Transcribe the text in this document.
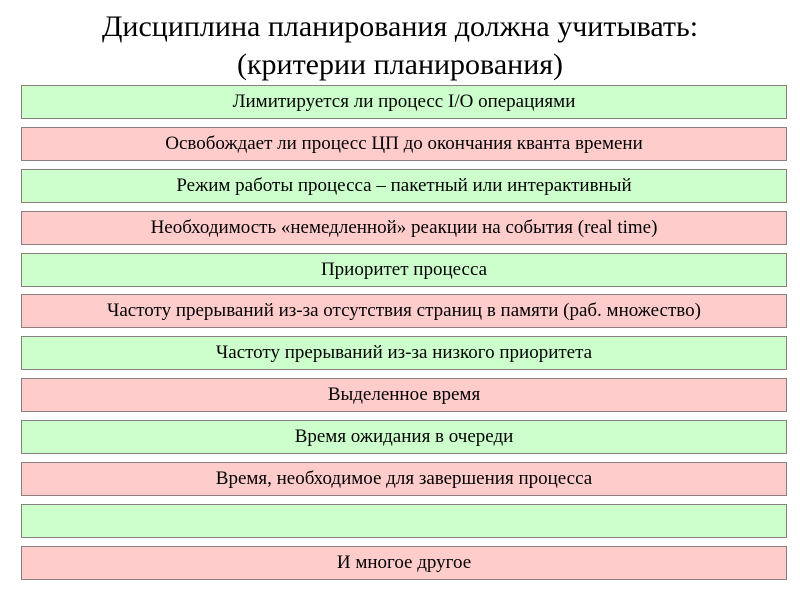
Дисциплина планирования должна учитывать:
(критерии планирования)
Лимитируется ли процесс I/O операциями
Освобождает ли процесс ЦП до окончания кванта времени
Режим работы процесса – пакетный или интерактивный
Необходимость «немедленной» реакции на события (real time)
Приоритет процесса
Частоту прерываний из-за отсутствия страниц в памяти (раб. множество)
Частоту прерываний из-за низкого приоритета
Выделенное время
Время ожидания в очереди
Время, необходимое для завершения процесса
И многое другое
